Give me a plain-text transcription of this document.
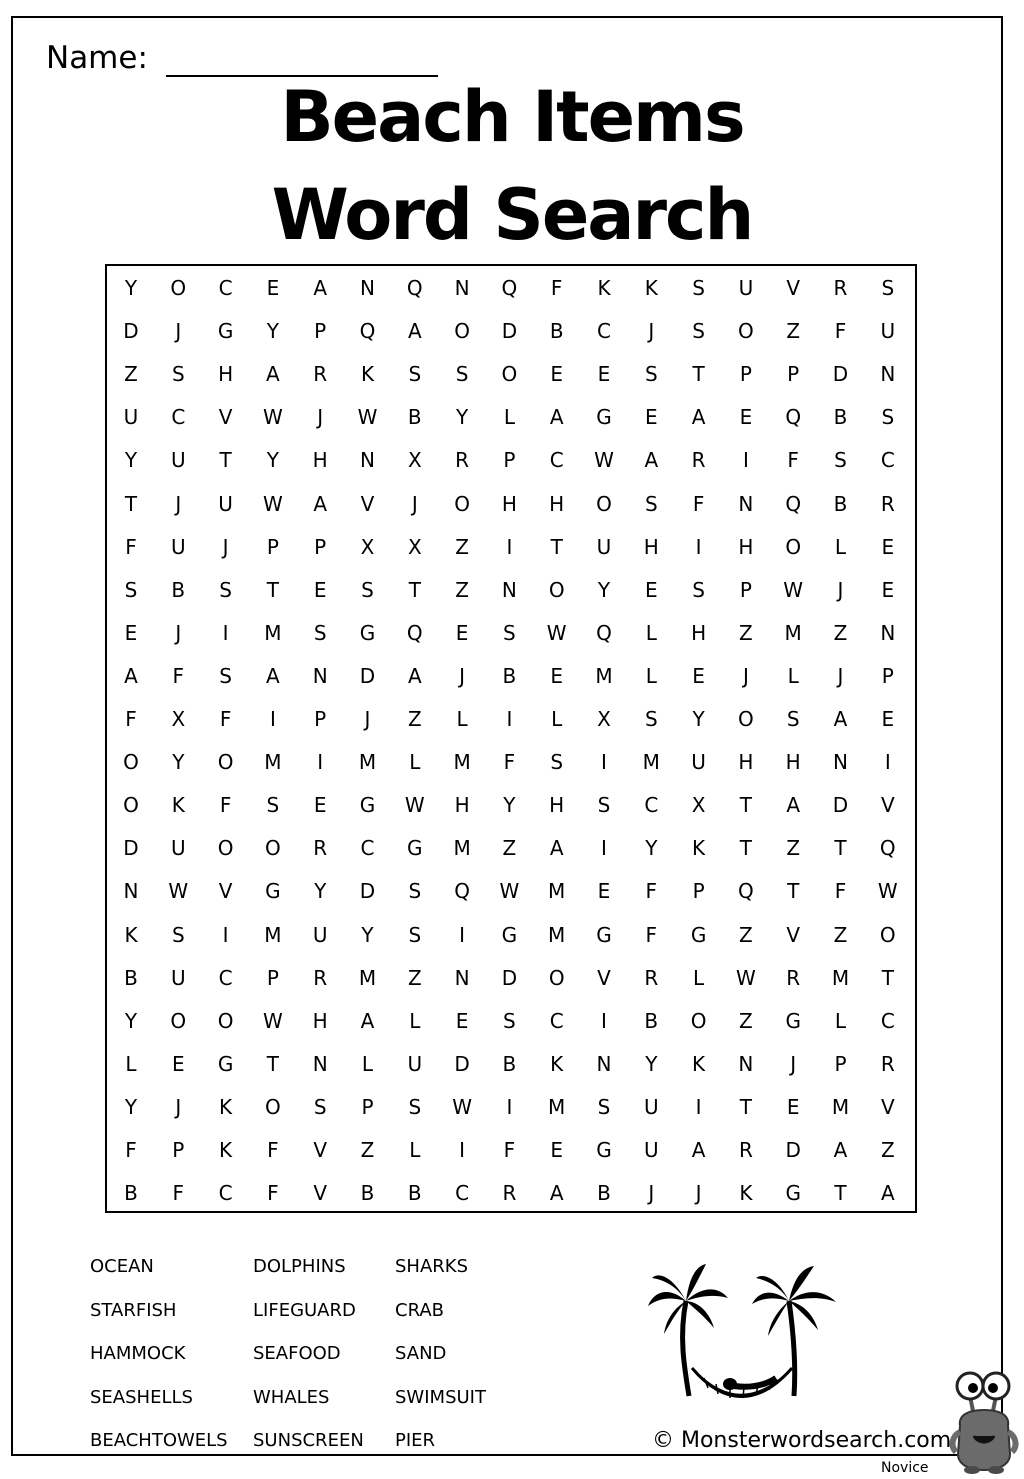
Name:
Beach Items
Word Search
Y	O	C	E	A	N	Q	N	Q	F	K	K	S	U	V	R	S
D	J	G	Y	P	Q	A	O	D	B	C	J	S	O	Z	F	U
Z	S	H	A	R	K	S	S	O	E	E	S	T	P	P	D	N
U	C	V	W	J	W	B	Y	L	A	G	E	A	E	Q	B	S
Y	U	T	Y	H	N	X	R	P	C	W	A	R	I	F	S	C
T	J	U	W	A	V	J	O	H	H	O	S	F	N	Q	B	R
F	U	J	P	P	X	X	Z	I	T	U	H	I	H	O	L	E
S	B	S	T	E	S	T	Z	N	O	Y	E	S	P	W	J	E
E	J	I	M	S	G	Q	E	S	W	Q	L	H	Z	M	Z	N
A	F	S	A	N	D	A	J	B	E	M	L	E	J	L	J	P
F	X	F	I	P	J	Z	L	I	L	X	S	Y	O	S	A	E
O	Y	O	M	I	M	L	M	F	S	I	M	U	H	H	N	I
O	K	F	S	E	G	W	H	Y	H	S	C	X	T	A	D	V
D	U	O	O	R	C	G	M	Z	A	I	Y	K	T	Z	T	Q
N	W	V	G	Y	D	S	Q	W	M	E	F	P	Q	T	F	W
K	S	I	M	U	Y	S	I	G	M	G	F	G	Z	V	Z	O
B	U	C	P	R	M	Z	N	D	O	V	R	L	W	R	M	T
Y	O	O	W	H	A	L	E	S	C	I	B	O	Z	G	L	C
L	E	G	T	N	L	U	D	B	K	N	Y	K	N	J	P	R
Y	J	K	O	S	P	S	W	I	M	S	U	I	T	E	M	V
F	P	K	F	V	Z	L	I	F	E	G	U	A	R	D	A	Z
B	F	C	F	V	B	B	C	R	A	B	J	J	K	G	T	A
OCEAN	DOLPHINS	SHARKS
STARFISH	LIFEGUARD CRAB
HAMMOCK	SEAFOOD	SAND
SEASHELLS	WHALES	SWIMSUIT
BEACHTOWELS SUNSCREEN PIER	© Monsterwordsearch.com
Novice
